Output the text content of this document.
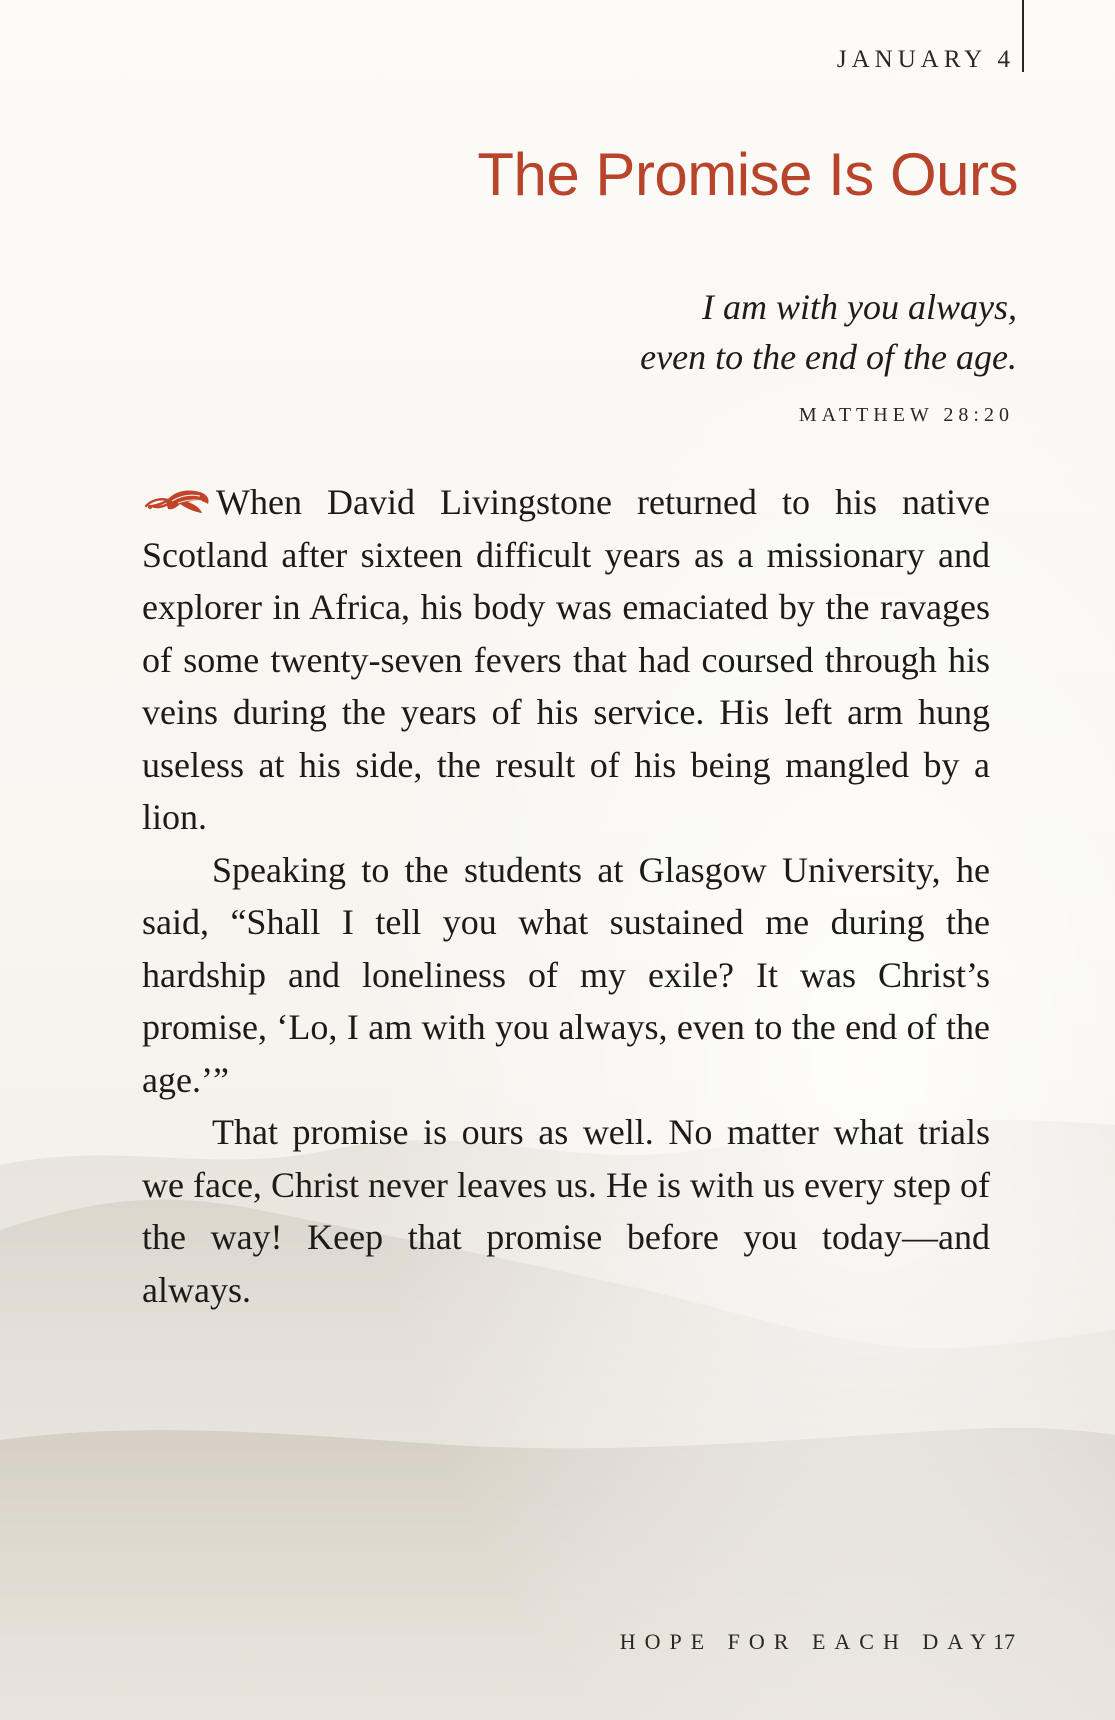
JANUARY 4
The Promise Is Ours
I am with you always,
even to the end of the age.
MATTHEW 28:20

When David Livingstone returned to his native Scotland after sixteen difficult years as a missionary and explorer in Africa, his body was emaciated by the ravages of some twenty-seven fevers that had coursed through his veins during the years of his service. His left arm hung useless at his side, the result of his being mangled by a lion.

Speaking to the students at Glasgow University, he said, “Shall I tell you what sustained me during the hardship and loneliness of my exile? It was Christ’s promise, ‘Lo, I am with you always, even to the end of the age.’”

That promise is ours as well. No matter what trials we face, Christ never leaves us. He is with us every step of the way! Keep that promise before you today—and always.

HOPE FOR EACH DAY
17
